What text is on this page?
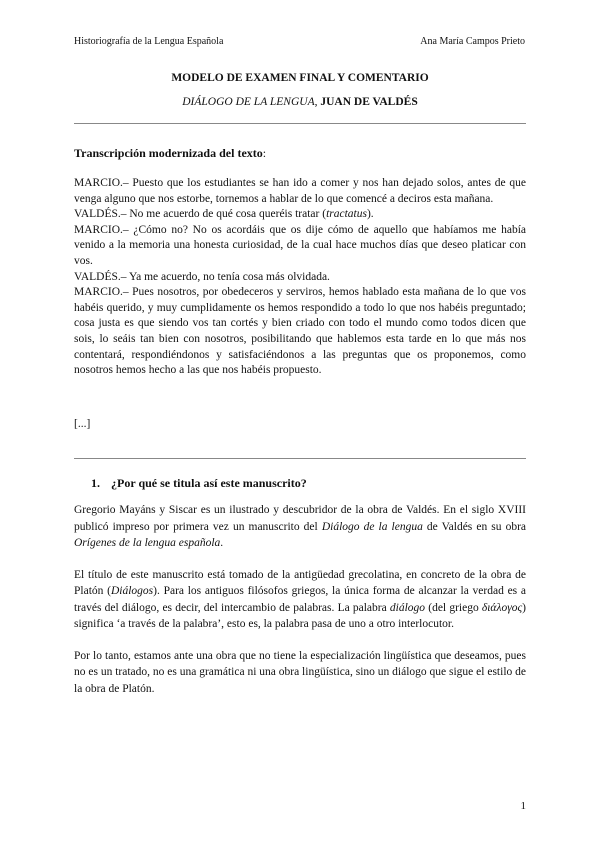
Historiografía de la Lengua Española	Ana María Campos Prieto
MODELO DE EXAMEN FINAL Y COMENTARIO
DIÁLOGO DE LA LENGUA, JUAN DE VALDÉS
Transcripción modernizada del texto:

MARCIO.– Puesto que los estudiantes se han ido a comer y nos han dejado solos, antes de que venga alguno que nos estorbe, tornemos a hablar de lo que comencé a deciros esta mañana.

VALDÉS.– No me acuerdo de qué cosa queréis tratar (tractatus).

MARCIO.– ¿Cómo no? No os acordáis que os dije cómo de aquello que habíamos me había venido a la memoria una honesta curiosidad, de la cual hace muchos días que deseo platicar con vos.

VALDÉS.– Ya me acuerdo, no tenía cosa más olvidada.

MARCIO.– Pues nosotros, por obedeceros y serviros, hemos hablado esta mañana de lo que vos habéis querido, y muy cumplidamente os hemos respondido a todo lo que nos habéis preguntado; cosa justa es que siendo vos tan cortés y bien criado con todo el mundo como todos dicen que sois, lo seáis tan bien con nosotros, posibilitando que hablemos esta tarde en lo que más nos contentará, respondiéndonos y satisfaciéndonos a las preguntas que os proponemos, como nosotros hemos hecho a las que nos habéis propuesto.

[...]
1. ¿Por qué se titula así este manuscrito?

Gregorio Mayáns y Siscar es un ilustrado y descubridor de la obra de Valdés. En el siglo XVIII publicó impreso por primera vez un manuscrito del Diálogo de la lengua de Valdés en su obra Orígenes de la lengua española.

El título de este manuscrito está tomado de la antigüedad grecolatina, en concreto de la obra de Platón (Diálogos). Para los antiguos filósofos griegos, la única forma de alcanzar la verdad es a través del diálogo, es decir, del intercambio de palabras. La palabra diálogo (del griego διάλογος) significa ‘a través de la palabra’, esto es, la palabra pasa de uno a otro interlocutor.

Por lo tanto, estamos ante una obra que no tiene la especialización lingüística que deseamos, pues no es un tratado, no es una gramática ni una obra lingüística, sino un diálogo que sigue el estilo de la obra de Platón.

1
